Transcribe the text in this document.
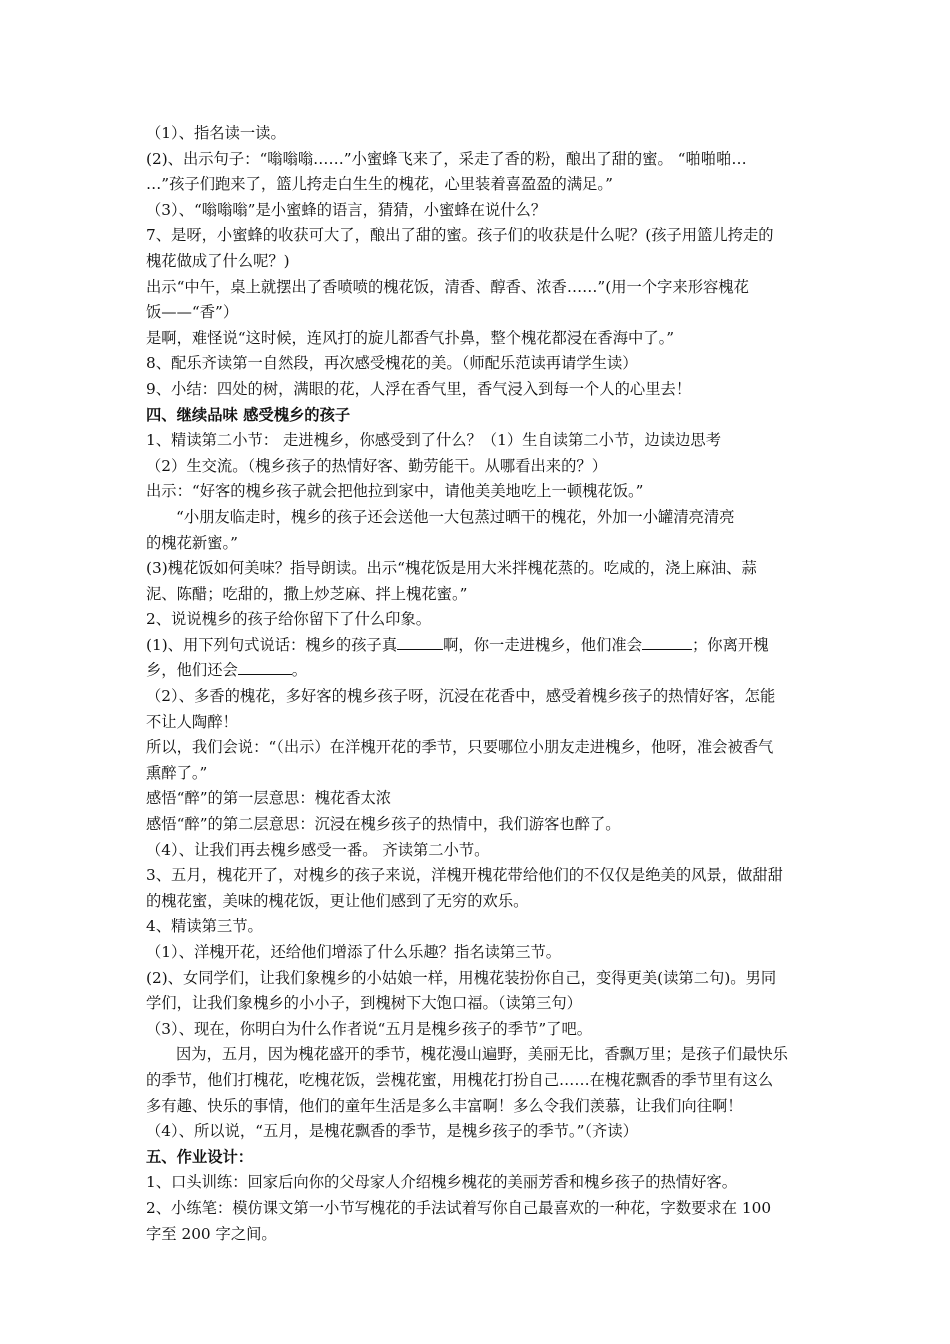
（1）、指名读一读。
(2)、出示句子：“嗡嗡嗡……”小蜜蜂飞来了，采走了香的粉，酿出了甜的蜜。 “啪啪啪…
…”孩子们跑来了，篮儿挎走白生生的槐花，心里装着喜盈盈的满足。”
（3）、“嗡嗡嗡”是小蜜蜂的语言，猜猜，小蜜蜂在说什么？
7、是呀，小蜜蜂的收获可大了，酿出了甜的蜜。孩子们的收获是什么呢？(孩子用篮儿挎走的
槐花做成了什么呢？)
出示“中午，桌上就摆出了香喷喷的槐花饭，清香、醇香、浓香……”(用一个字来形容槐花
饭——“香”）
是啊，难怪说“这时候，连风打的旋儿都香气扑鼻，整个槐花都浸在香海中了。”
8、配乐齐读第一自然段，再次感受槐花的美。（师配乐范读再请学生读）
9、小结：四处的树，满眼的花，人浮在香气里，香气浸入到每一个人的心里去！
四、继续品味 感受槐乡的孩子
1、精读第二小节： 走进槐乡，你感受到了什么？（1）生自读第二小节，边读边思考
（2）生交流。（槐乡孩子的热情好客、勤劳能干。从哪看出来的？）
出示：“好客的槐乡孩子就会把他拉到家中，请他美美地吃上一顿槐花饭。”
“小朋友临走时，槐乡的孩子还会送他一大包蒸过晒干的槐花，外加一小罐清亮清亮
的槐花新蜜。”
(3)槐花饭如何美味？指导朗读。出示“槐花饭是用大米拌槐花蒸的。吃咸的，浇上麻油、蒜
泥、陈醋；吃甜的，撒上炒芝麻、拌上槐花蜜。”
2、说说槐乡的孩子给你留下了什么印象。
(1)、用下列句式说话：槐乡的孩子真	啊，你一走进槐乡，他们准会	；你离开槐
乡，他们还会	。
（2）、多香的槐花，多好客的槐乡孩子呀，沉浸在花香中，感受着槐乡孩子的热情好客，怎能
不让人陶醉！
所以，我们会说：“（出示）在洋槐开花的季节，只要哪位小朋友走进槐乡，他呀，准会被香气
熏醉了。”
感悟“醉”的第一层意思：槐花香太浓
感悟“醉”的第二层意思：沉浸在槐乡孩子的热情中，我们游客也醉了。
（4）、让我们再去槐乡感受一番。 齐读第二小节。
3、五月，槐花开了，对槐乡的孩子来说，洋槐开槐花带给他们的不仅仅是绝美的风景，做甜甜
的槐花蜜，美味的槐花饭，更让他们感到了无穷的欢乐。
4、精读第三节。
（1）、洋槐开花，还给他们增添了什么乐趣？指名读第三节。
(2)、女同学们，让我们象槐乡的小姑娘一样，用槐花装扮你自己，变得更美(读第二句)。男同
学们，让我们象槐乡的小小子，到槐树下大饱口福。（读第三句）
（3）、现在，你明白为什么作者说“五月是槐乡孩子的季节”了吧。
因为，五月，因为槐花盛开的季节，槐花漫山遍野，美丽无比，香飘万里；是孩子们最快乐
的季节，他们打槐花，吃槐花饭，尝槐花蜜，用槐花打扮自己……在槐花飘香的季节里有这么
多有趣、快乐的事情，他们的童年生活是多么丰富啊！多么令我们羡慕，让我们向往啊！
（4）、所以说，“五月，是槐花飘香的季节，是槐乡孩子的季节。”（齐读）
五、作业设计：
1、口头训练：回家后向你的父母家人介绍槐乡槐花的美丽芳香和槐乡孩子的热情好客。
2、小练笔：模仿课文第一小节写槐花的手法试着写你自己最喜欢的一种花，字数要求在 100
字至 200 字之间。
